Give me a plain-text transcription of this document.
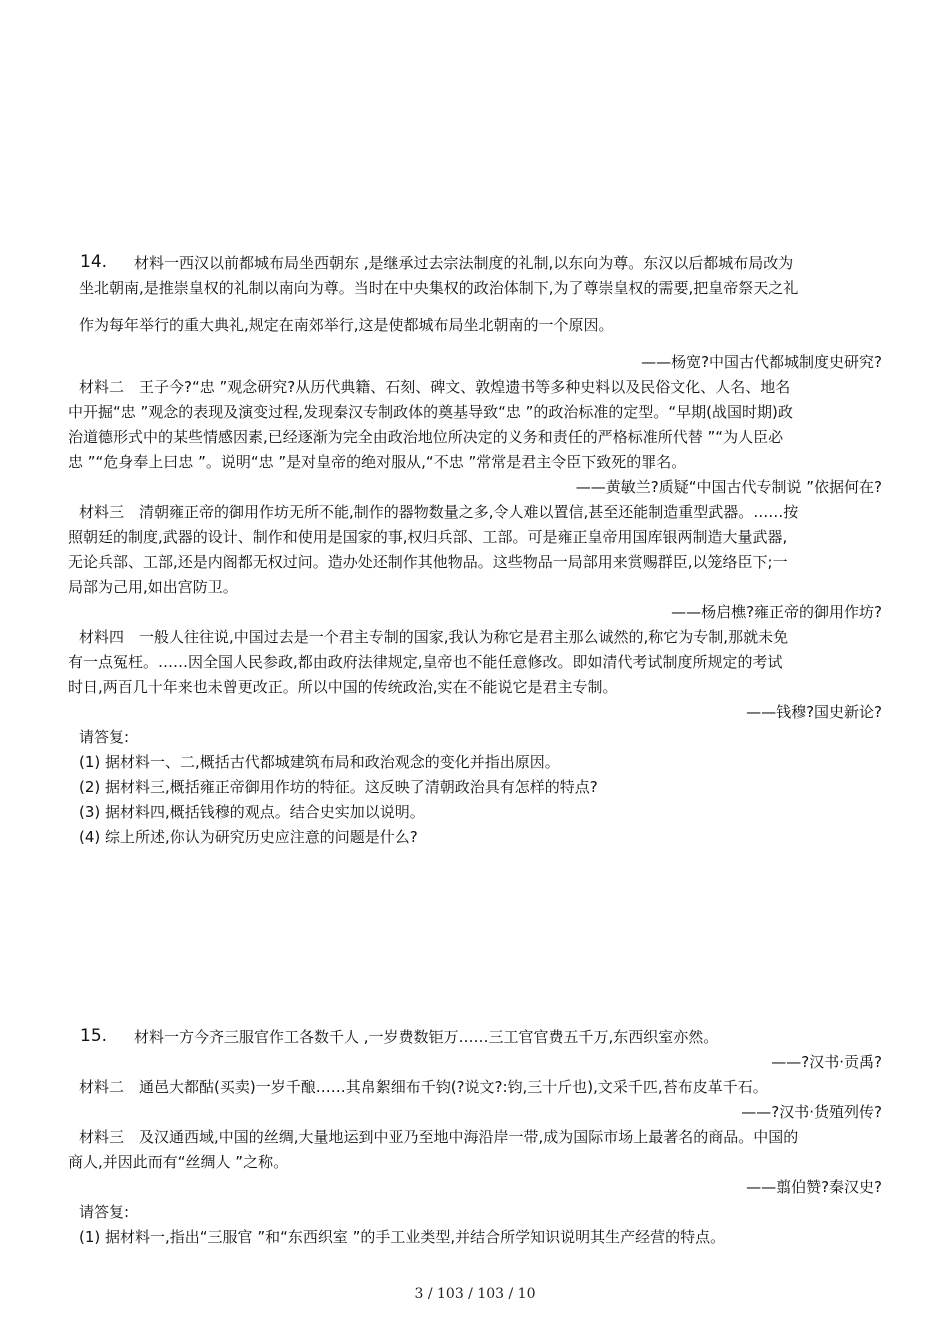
14. 材料一西汉以前都城布局坐西朝东 ,是继承过去宗法制度的礼制,以东向为尊。东汉以后都城布局改为
坐北朝南,是推崇皇权的礼制以南向为尊。当时在中央集权的政治体制下,为了尊崇皇权的需要,把皇帝祭天之礼
作为每年举行的重大典礼,规定在南郊举行,这是使都城布局坐北朝南的一个原因。
——杨宽?中国古代都城制度史研究?
材料二　王子今?“忠 ”观念研究?从历代典籍、石刻、碑文、敦煌遗书等多种史料以及民俗文化、人名、地名
中开掘“忠 ”观念的表现及演变过程,发现秦汉专制政体的奠基导致“忠 ”的政治标准的定型。“早期(战国时期)政
治道德形式中的某些情感因素,已经逐渐为完全由政治地位所决定的义务和责任的严格标准所代替 ”“为人臣必
忠 ”“危身奉上曰忠 ”。说明“忠 ”是对皇帝的绝对服从,“不忠 ”常常是君主令臣下致死的罪名。
——黄敏兰?质疑“中国古代专制说 ”依据何在?
材料三　清朝雍正帝的御用作坊无所不能,制作的器物数量之多,令人难以置信,甚至还能制造重型武器。……按
照朝廷的制度,武器的设计、制作和使用是国家的事,权归兵部、工部。可是雍正皇帝用国库银两制造大量武器,
无论兵部、工部,还是内阁都无权过问。造办处还制作其他物品。这些物品一局部用来赏赐群臣,以笼络臣下;一
局部为己用,如出宫防卫。
——杨启樵?雍正帝的御用作坊?
材料四　一般人往往说,中国过去是一个君主专制的国家,我认为称它是君主那么诚然的,称它为专制,那就未免
有一点冤枉。……因全国人民参政,都由政府法律规定,皇帝也不能任意修改。即如清代考试制度所规定的考试
时日,两百几十年来也未曾更改正。所以中国的传统政治,实在不能说它是君主专制。
——钱穆?国史新论?
请答复:
(1) 据材料一、二,概括古代都城建筑布局和政治观念的变化并指出原因。
(2) 据材料三,概括雍正帝御用作坊的特征。这反映了清朝政治具有怎样的特点?
(3) 据材料四,概括钱穆的观点。结合史实加以说明。
(4) 综上所述,你认为研究历史应注意的问题是什么?
15. 材料一方今齐三服官作工各数千人 ,一岁费数钜万……三工官官费五千万,东西织室亦然。
——?汉书·贡禹?
材料二　通邑大都酤(买卖)一岁千酿……其帛絮细布千钧(?说文?:钧,三十斤也),文采千匹,苔布皮革千石。
——?汉书·货殖列传?
材料三　及汉通西域,中国的丝绸,大量地运到中亚乃至地中海沿岸一带,成为国际市场上最著名的商品。中国的
商人,并因此而有“丝绸人 ”之称。
——翦伯赞?秦汉史?
请答复:
(1) 据材料一,指出“三服官 ”和“东西织室 ”的手工业类型,并结合所学知识说明其生产经营的特点。
3 / 103 / 103 / 10
